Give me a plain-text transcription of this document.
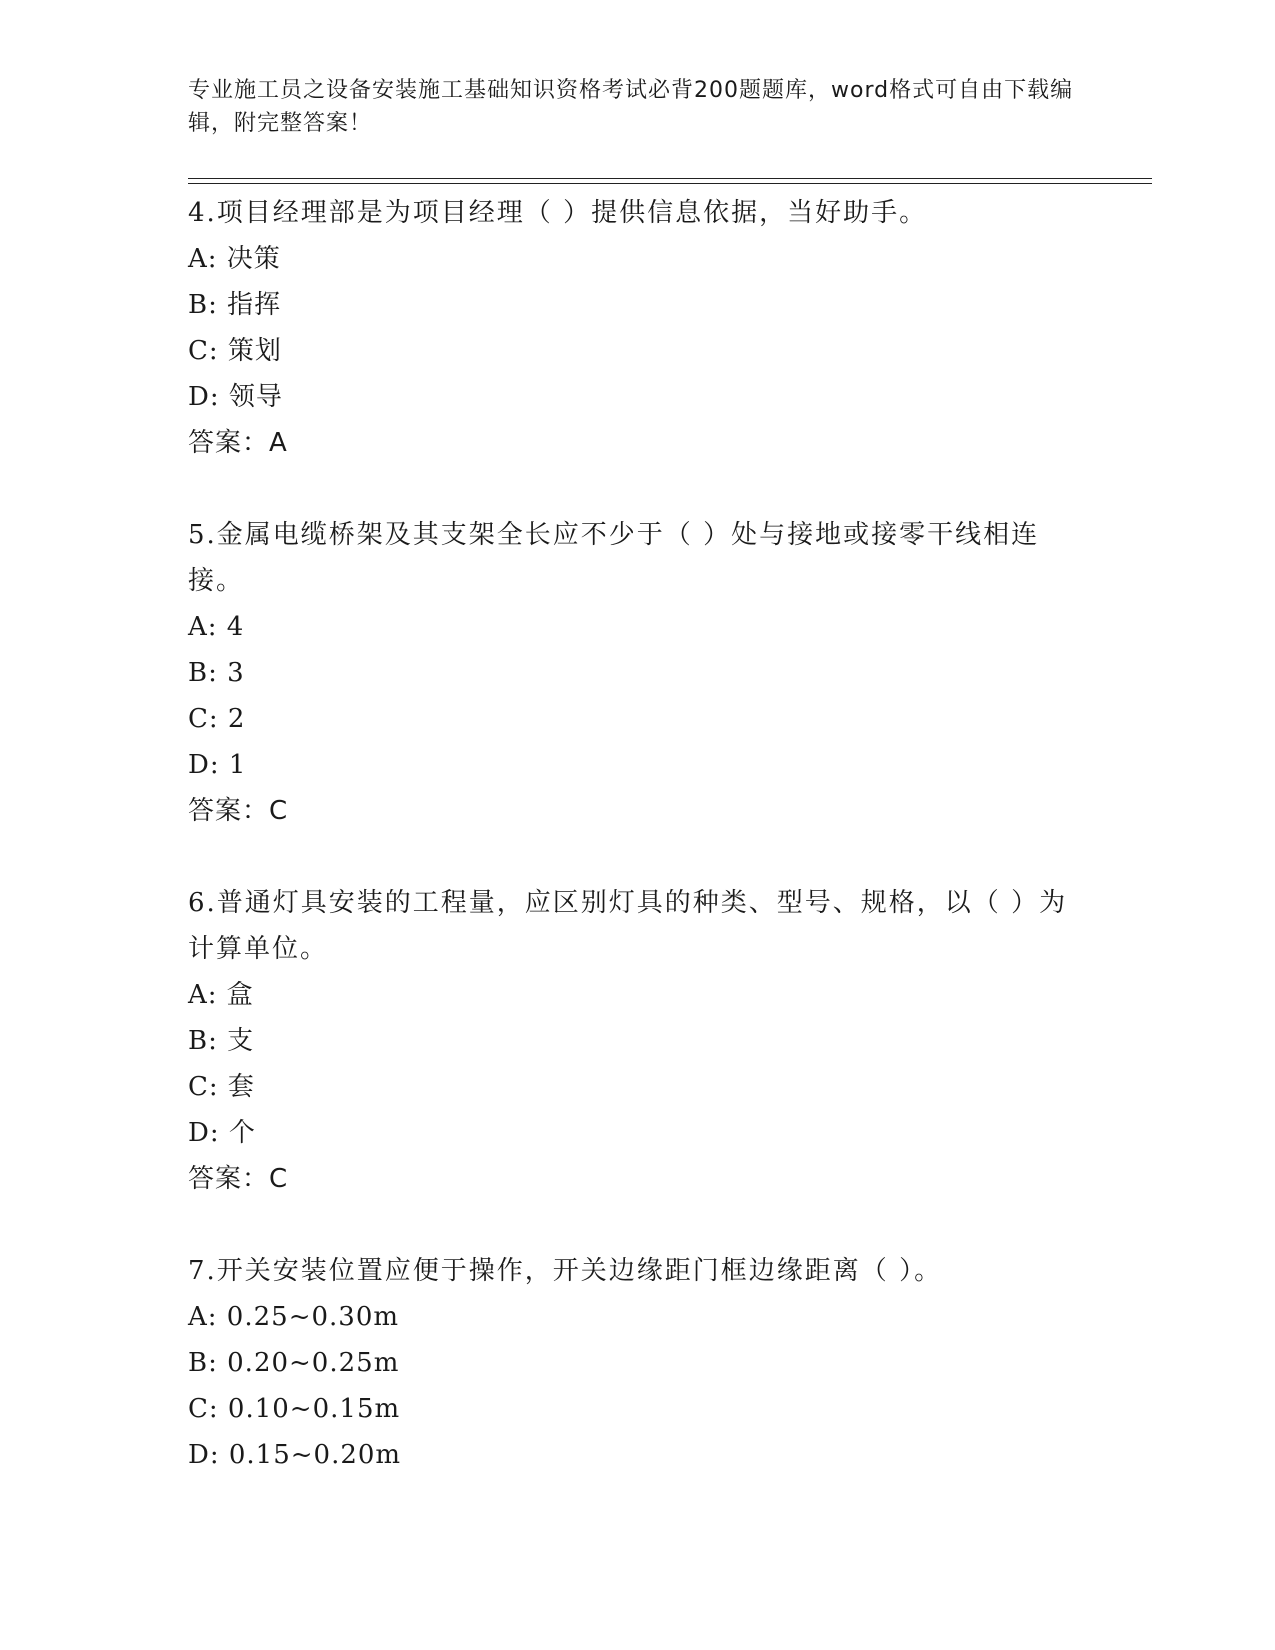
专业施工员之设备安装施工基础知识资格考试必背200题题库，word格式可自由下载编辑，附完整答案！
4.项目经理部是为项目经理（ ）提供信息依据，当好助手。
A: 决策
B: 指挥
C: 策划
D: 领导
答案：A
5.金属电缆桥架及其支架全长应不少于（ ）处与接地或接零干线相连接。
A: 4
B: 3
C: 2
D: 1
答案：C
6.普通灯具安装的工程量，应区别灯具的种类、型号、规格，以（ ）为计算单位。
A: 盒
B: 支
C: 套
D: 个
答案：C
7.开关安装位置应便于操作，开关边缘距门框边缘距离（ ）。
A: 0.25~0.30m
B: 0.20~0.25m
C: 0.10~0.15m
D: 0.15~0.20m
